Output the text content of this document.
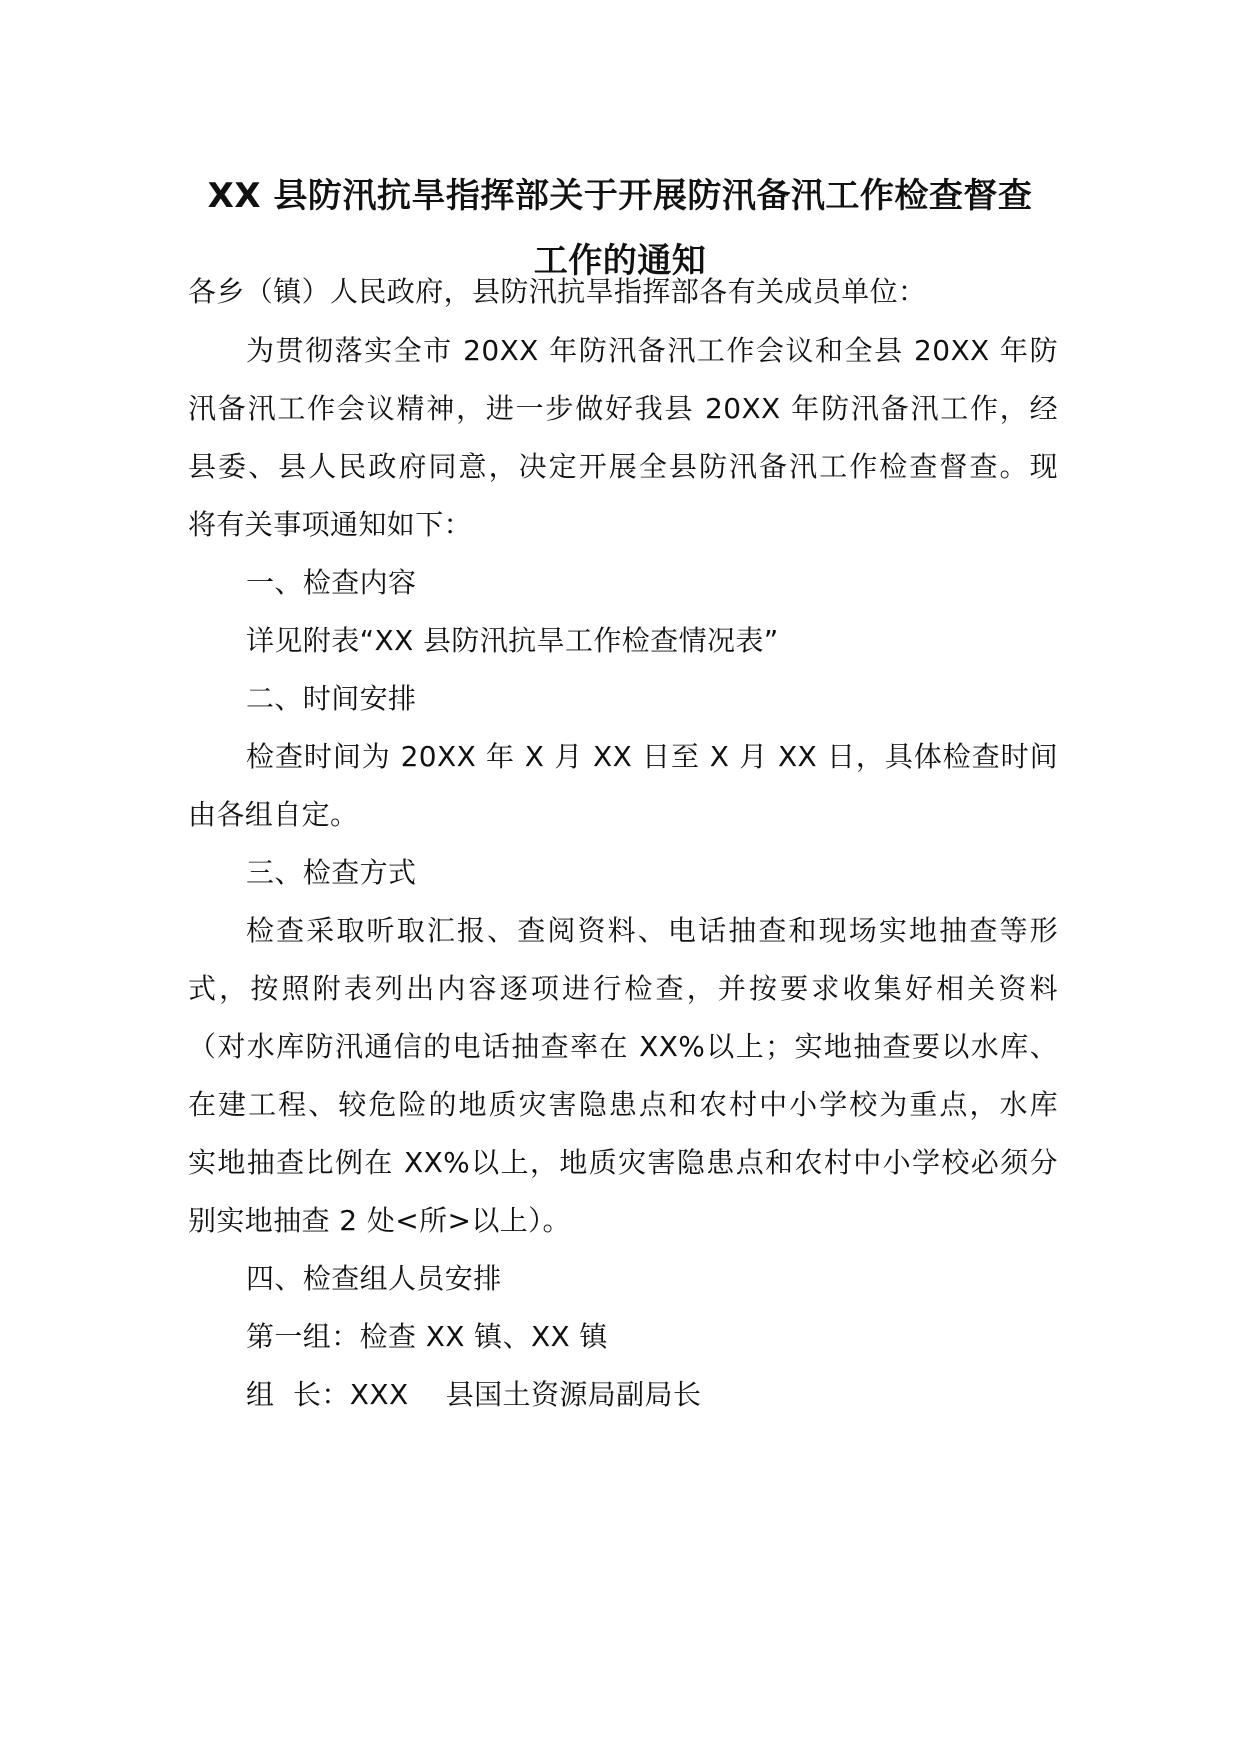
XX 县防汛抗旱指挥部关于开展防汛备汛工作检查督查
工作的通知
各乡（镇）人民政府，县防汛抗旱指挥部各有关成员单位：
为贯彻落实全市 20XX 年防汛备汛工作会议和全县 20XX 年防
汛备汛工作会议精神，进一步做好我县 20XX 年防汛备汛工作，经
县委、县人民政府同意，决定开展全县防汛备汛工作检查督查。现
将有关事项通知如下：
一、检查内容
详见附表“XX 县防汛抗旱工作检查情况表”
二、时间安排
检查时间为 20XX 年 X 月 XX 日至 X 月 XX 日，具体检查时间
由各组自定。
三、检查方式
检查采取听取汇报、查阅资料、电话抽查和现场实地抽查等形
式，按照附表列出内容逐项进行检查，并按要求收集好相关资料
（对水库防汛通信的电话抽查率在 XX%以上；实地抽查要以水库、
在建工程、较危险的地质灾害隐患点和农村中小学校为重点，水库
实地抽查比例在 XX%以上，地质灾害隐患点和农村中小学校必须分
别实地抽查 2 处<所>以上）。
四、检查组人员安排
第一组：检查 XX 镇、XX 镇
组  长：XXX    县国土资源局副局长
